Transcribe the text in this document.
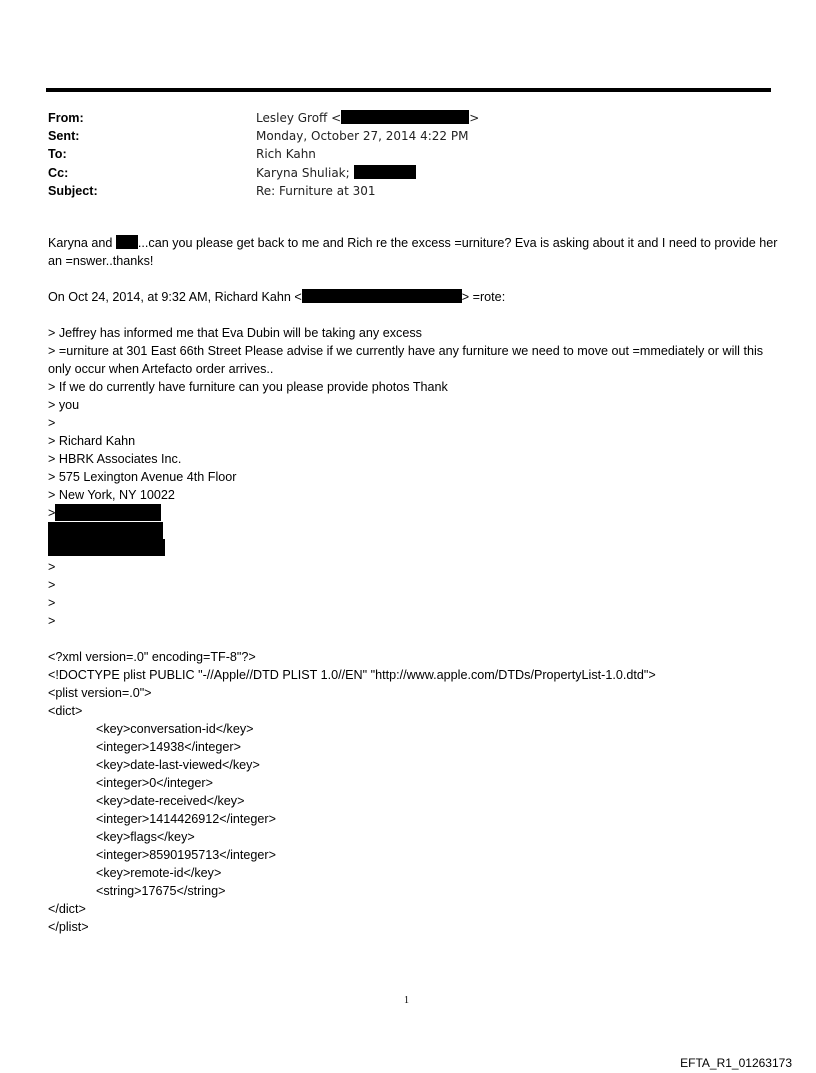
From:	Lesley Groff <	>
Sent:	Monday, October 27, 2014 4:22 PM
To:	Rich Kahn
Cc:	Karyna Shuliak;
Subject:	Re: Furniture at 301

Karyna and ...can you please get back to me and Rich re the excess =urniture? Eva is asking about it and I need to provide her an =nswer..thanks!

On Oct 24, 2014, at 9:32 AM, Richard Kahn <	> =rote:

> Jeffrey has informed me that Eva Dubin will be taking any excess

> =urniture at 301 East 66th Street Please advise if we currently have any furniture we need to move out =mmediately or will this only occur when Artefacto order arrives..

> If we do currently have furniture can you please provide photos Thank

> you

>

> Richard Kahn

> HBRK Associates Inc.

> 575 Lexington Avenue 4th Floor

> New York, NY 10022

>

>

>

>

>

<?xml version=.0" encoding=TF-8"?>

<!DOCTYPE plist PUBLIC "-//Apple//DTD PLIST 1.0//EN" "http://www.apple.com/DTDs/PropertyList-1.0.dtd">

<plist version=.0">

<dict>

<key>conversation-id</key>

<integer>14938</integer>

<key>date-last-viewed</key>

<integer>0</integer>

<key>date-received</key>

<integer>1414426912</integer>

<key>flags</key>

<integer>8590195713</integer>

<key>remote-id</key>

<string>17675</string>

</dict>

</plist>

1
EFTA_R1_01263173
